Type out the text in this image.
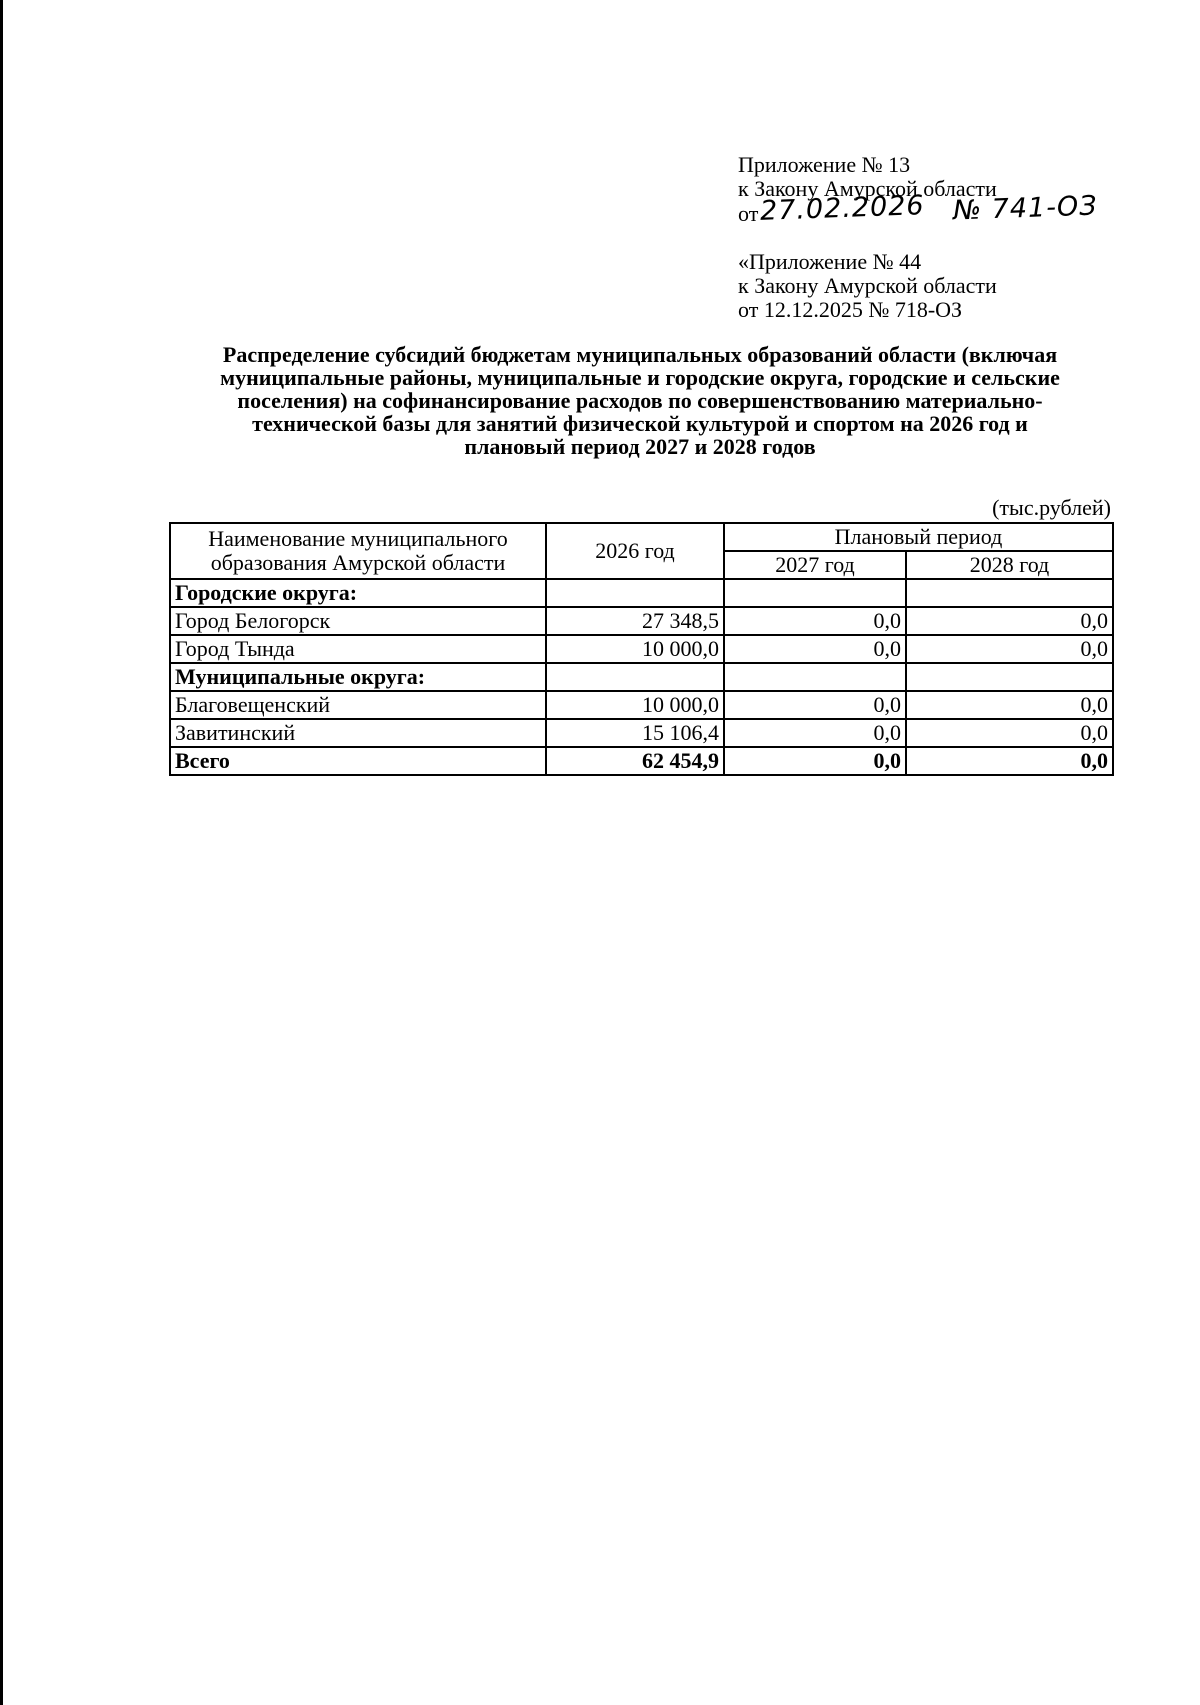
Приложение № 13
к Закону Амурской области
от27.02.2026 № 741-ОЗ
«Приложение № 44
к Закону Амурской области
от 12.12.2025 № 718-ОЗ
Распределение субсидий бюджетам муниципальных образований области (включая
муниципальные районы, муниципальные и городские округа, городские и сельские
поселения) на софинансирование расходов по совершенствованию материально-
технической базы для занятий физической культурой и спортом на 2026 год и
плановый период 2027 и 2028 годов
(тыс.рублей)
Наименование муниципального
образования Амурской области	2026 год	Плановый период	
		2027 год	2028 год
Городские округа:			
Город Белогорск	27 348,5	0,0	0,0
Город Тында	10 000,0	0,0	0,0
Муниципальные округа:			
Благовещенский	10 000,0	0,0	0,0
Завитинский	15 106,4	0,0	0,0
Всего	62 454,9	0,0	0,0
